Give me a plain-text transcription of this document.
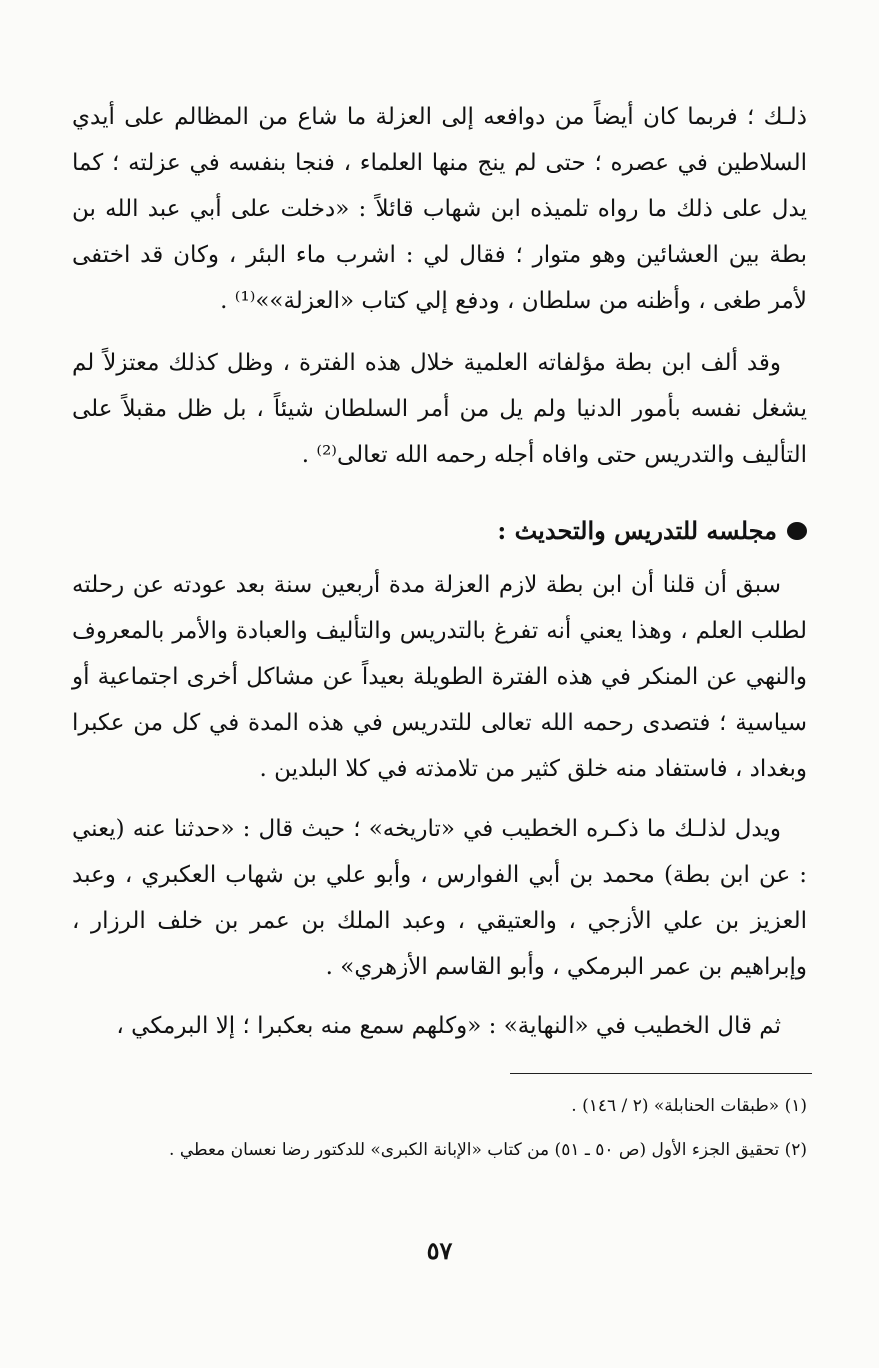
ذلـك ؛ فربما كان أيضاً من دوافعه إلى العزلة ما شاع من المظالم على أيدي السلاطين في عصره ؛ حتى لم ينج منها العلماء ، فنجا بنفسه في عزلته ؛ كما يدل على ذلك ما رواه تلميذه ابن شهاب قائلاً : «دخلت على أبي عبد الله بن بطة بين العشائين وهو متوار ؛ فقال لي : اشرب ماء البئر ، وكان قد اختفى لأمر طغى ، وأظنه من سلطان ، ودفع إلي كتاب «العزلة»»⁽¹⁾ .

وقد ألف ابن بطة مؤلفاته العلمية خلال هذه الفترة ، وظل كذلك معتزلاً لم يشغل نفسه بأمور الدنيا ولم يل من أمر السلطان شيئاً ، بل ظل مقبلاً على التأليف والتدريس حتى وافاه أجله رحمه الله تعالى⁽²⁾ .

مجلسه للتدريس والتحديث :

سبق أن قلنا أن ابن بطة لازم العزلة مدة أربعين سنة بعد عودته عن رحلته لطلب العلم ، وهذا يعني أنه تفرغ بالتدريس والتأليف والعبادة والأمر بالمعروف والنهي عن المنكر في هذه الفترة الطويلة بعيداً عن مشاكل أخرى اجتماعية أو سياسية ؛ فتصدى رحمه الله تعالى للتدريس في هذه المدة في كل من عكبرا وبغداد ، فاستفاد منه خلق كثير من تلامذته في كلا البلدين .

ويدل لذلـك ما ذكـره الخطيب في «تاريخه» ؛ حيث قال : «حدثنا عنه (يعني : عن ابن بطة) محمد بن أبي الفوارس ، وأبو علي بن شهاب العكبري ، وعبد العزيز بن علي الأزجي ، والعتيقي ، وعبد الملك بن عمر بن خلف الرزار ، وإبراهيم بن عمر البرمكي ، وأبو القاسم الأزهري» .

ثم قال الخطيب في «النهاية» : «وكلهم سمع منه بعكبرا ؛ إلا البرمكي ،

(١) «طبقات الحنابلة» (٢ / ١٤٦) .

(٢) تحقيق الجزء الأول (ص ٥٠ ـ ٥١) من كتاب «الإبانة الكبرى» للدكتور رضا نعسان معطي .

٥٧
